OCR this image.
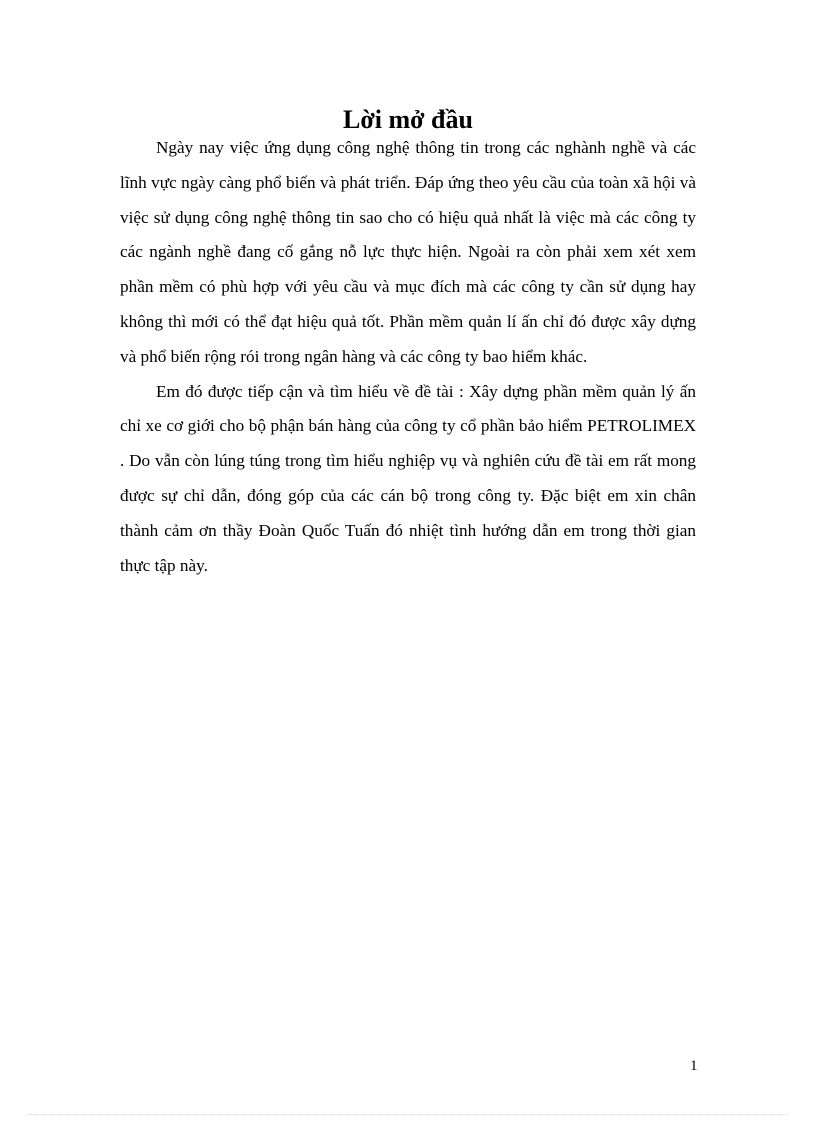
Lời mở đầu

Ngày nay việc ứng dụng công nghệ thông tin trong các nghành nghề và các lĩnh vực ngày càng phổ biến và phát triển. Đáp ứng theo yêu cầu của toàn xã hội và việc sử dụng công nghệ thông tin sao cho có hiệu quả nhất là việc mà các công ty các ngành nghề đang cố gắng nỗ lực thực hiện. Ngoài ra còn phải xem xét xem phần mềm có phù hợp với yêu cầu và mục đích mà các công ty cần sử dụng hay không thì mới có thể đạt hiệu quả tốt. Phần mềm quản lí ấn chỉ đó được xây dựng và phổ biến rộng rói trong ngân hàng và các công ty bao hiểm khác.

Em đó được tiếp cận và tìm hiểu về đề tài : Xây dựng phần mềm quản lý ấn chỉ xe cơ giới cho bộ phận bán hàng của công ty cổ phần bảo hiểm PETROLIMEX . Do vẫn còn lúng túng trong tìm hiểu nghiệp vụ và nghiên cứu đề tài em rất mong được sự chỉ dẫn, đóng góp của các cán bộ trong công ty. Đặc biệt em xin chân thành cảm ơn thầy Đoàn Quốc Tuấn đó nhiệt tình hướng dẫn em trong thời gian thực tập này.

1
